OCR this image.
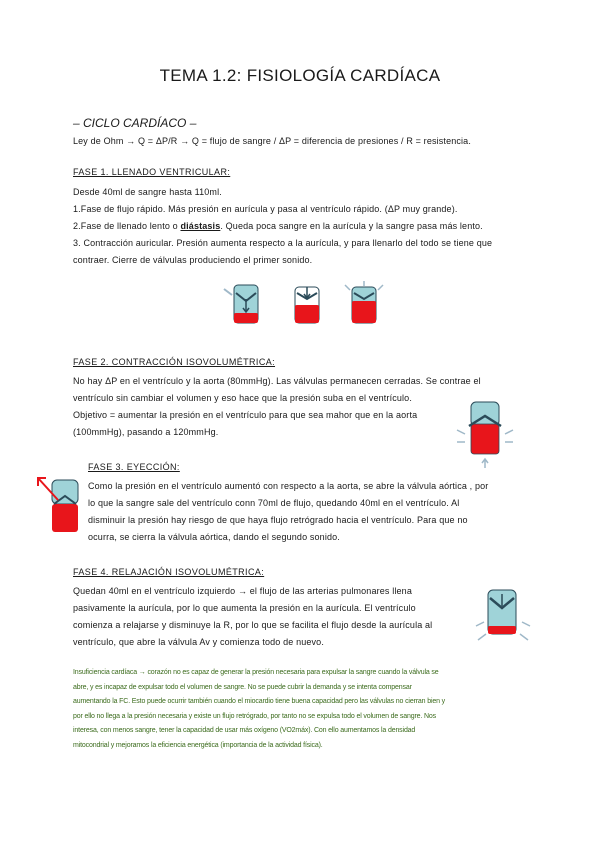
TEMA 1.2: FISIOLOGÍA CARDÍACA
– CICLO CARDÍACO –
Ley de Ohm → Q = ΔP/R → Q = flujo de sangre / ΔP = diferencia de presiones / R = resistencia.
FASE 1. LLENADO VENTRICULAR:
Desde 40ml de sangre hasta 110ml.
1.Fase de flujo rápido. Más presión en aurícula y pasa al ventrículo rápido. (ΔP muy grande).
2.Fase de llenado lento o diástasis. Queda poca sangre en la aurícula y la sangre pasa más lento.
3. Contracción auricular. Presión aumenta respecto a la aurícula, y para llenarlo del todo se tiene que
contraer. Cierre de válvulas produciendo el primer sonido.
FASE 2. CONTRACCIÓN ISOVOLUMÉTRICA:
No hay ΔP en el ventrículo y la aorta (80mmHg). Las válvulas permanecen cerradas. Se contrae el
ventrículo sin cambiar el volumen y eso hace que la presión suba en el ventrículo.
Objetivo = aumentar la presión en el ventrículo para que sea mahor que en la aorta
(100mmHg), pasando a 120mmHg.
FASE 3. EYECCIÓN:
Como la presión en el ventrículo aumentó con respecto a la aorta, se abre la válvula aórtica , por
lo que la sangre sale del ventrículo conn 70ml de flujo, quedando 40ml en el ventrículo. Al
disminuir la presión hay riesgo de que haya flujo retrógrado hacia el ventrículo. Para que no
ocurra, se cierra la válvula aórtica, dando el segundo sonido.
FASE 4. RELAJACIÓN ISOVOLUMÉTRICA:
Quedan 40ml en el ventrículo izquierdo → el flujo de las arterias pulmonares llena
pasivamente la aurícula, por lo que aumenta la presión en la aurícula. El ventrículo
comienza a relajarse y disminuye la R, por lo que se facilita el flujo desde la aurícula al
ventrículo, que abre la válvula Av y comienza todo de nuevo.
Insuficiencia cardíaca → corazón no es capaz de generar la presión necesaria para expulsar la sangre cuando la válvula se
abre, y es incapaz de expulsar todo el volumen de sangre. No se puede cubrir la demanda y se intenta compensar
aumentando la FC. Esto puede ocurrir también cuando el miocardio tiene buena capacidad pero las válvulas no cierran bien y
por ello no llega a la presión necesaria y existe un flujo retrógrado, por tanto no se expulsa todo el volumen de sangre. Nos
interesa, con menos sangre, tener la capacidad de usar más oxígeno (VO2máx). Con ello aumentamos la densidad
mitocondrial y mejoramos la eficiencia energética (importancia de la actividad física).
